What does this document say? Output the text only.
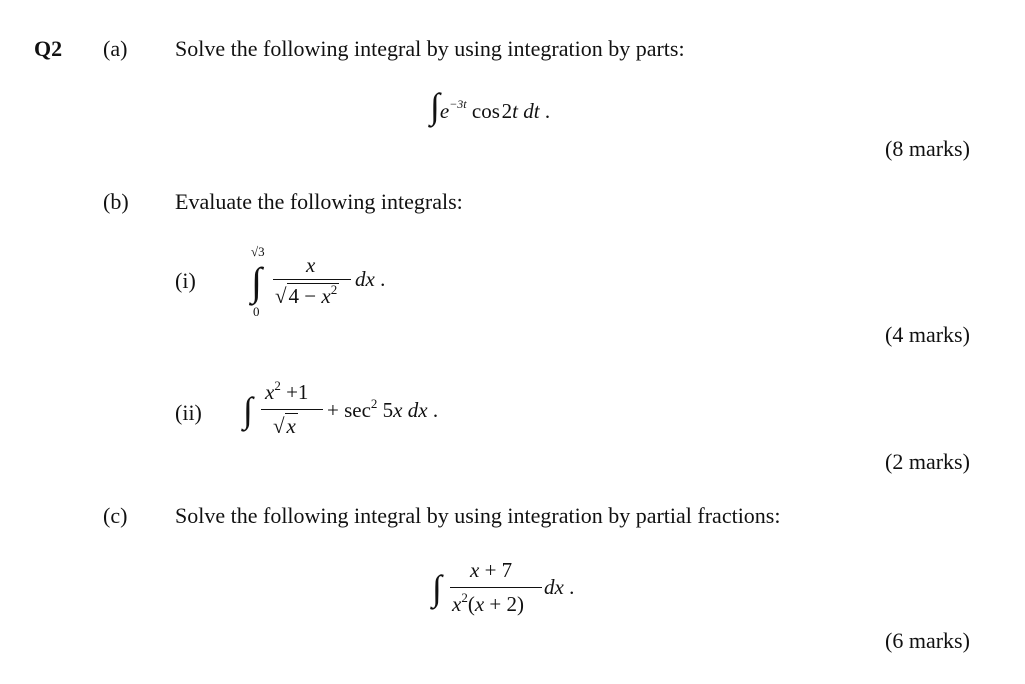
Q2 (a) Solve the following integral by using integration by parts:
$\int e^{-3t}$ cos 2t dt .
(8 marks)
(b) Evaluate the following integrals:
(i)
√3
∫
0
x
$√4 - x^2$ dx .
(4 marks)
(ii) ∫ $x^2 +1$
√x
+ $\sec^2 5x$ dx .
(2 marks)
(c) Solve the following integral by using integration by partial fractions:
∫ x + 7
$x^2(x + 2)$
dx .
(6 marks)
